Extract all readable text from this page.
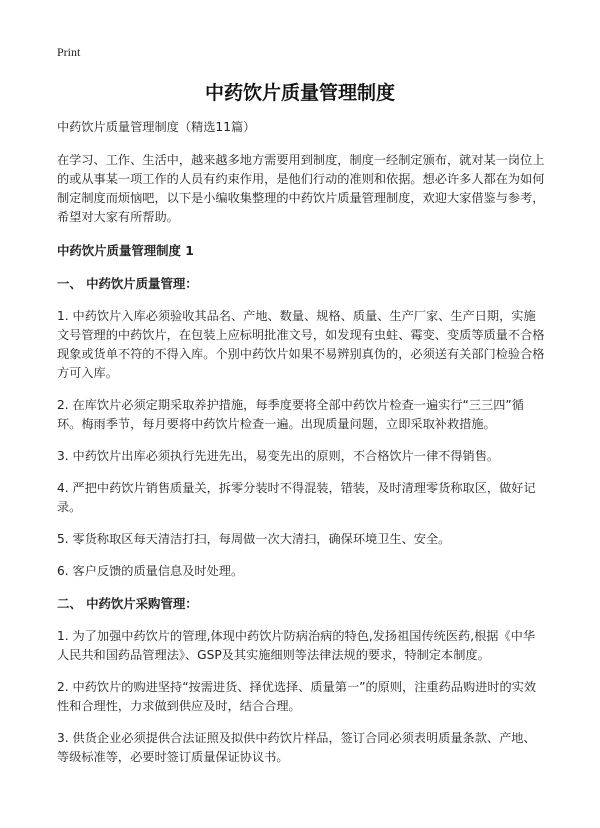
Print
中药饮片质量管理制度

中药饮片质量管理制度（精选11篇）

在学习、工作、生活中，越来越多地方需要用到制度，制度一经制定颁布，就对某一岗位上的或从事某一项工作的人员有约束作用，是他们行动的准则和依据。想必许多人都在为如何制定制度而烦恼吧，以下是小编收集整理的中药饮片质量管理制度，欢迎大家借鉴与参考，希望对大家有所帮助。

中药饮片质量管理制度 1

一、 中药饮片质量管理：

1. 中药饮片入库必须验收其品名、产地、数量、规格、质量、生产厂家、生产日期，实施文号管理的中药饮片，在包装上应标明批准文号，如发现有虫蛀、霉变、变质等质量不合格现象或货单不符的不得入库。个别中药饮片如果不易辨别真伪的，必须送有关部门检验合格方可入库。

2. 在库饮片必须定期采取养护措施，每季度要将全部中药饮片检查一遍实行“三三四”循环。梅雨季节，每月要将中药饮片检查一遍。出现质量问题，立即采取补救措施。

3. 中药饮片出库必须执行先进先出，易变先出的原则，不合格饮片一律不得销售。

4. 严把中药饮片销售质量关，拆零分装时不得混装，错装，及时清理零货称取区，做好记录。

5. 零货称取区每天清洁打扫，每周做一次大清扫，确保环境卫生、安全。

6. 客户反馈的质量信息及时处理。

二、 中药饮片采购管理：

1. 为了加强中药饮片的管理,体现中药饮片防病治病的特色,发扬祖国传统医药,根据《中华人民共和国药品管理法》、GSP及其实施细则等法律法规的要求，特制定本制度。

2. 中药饮片的购进坚持“按需进货、择优选择、质量第一”的原则，注重药品购进时的实效性和合理性，力求做到供应及时，结合合理。

3. 供货企业必须提供合法证照及拟供中药饮片样品，签订合同必须表明质量条款、产地、等级标准等，必要时签订质量保证协议书。
